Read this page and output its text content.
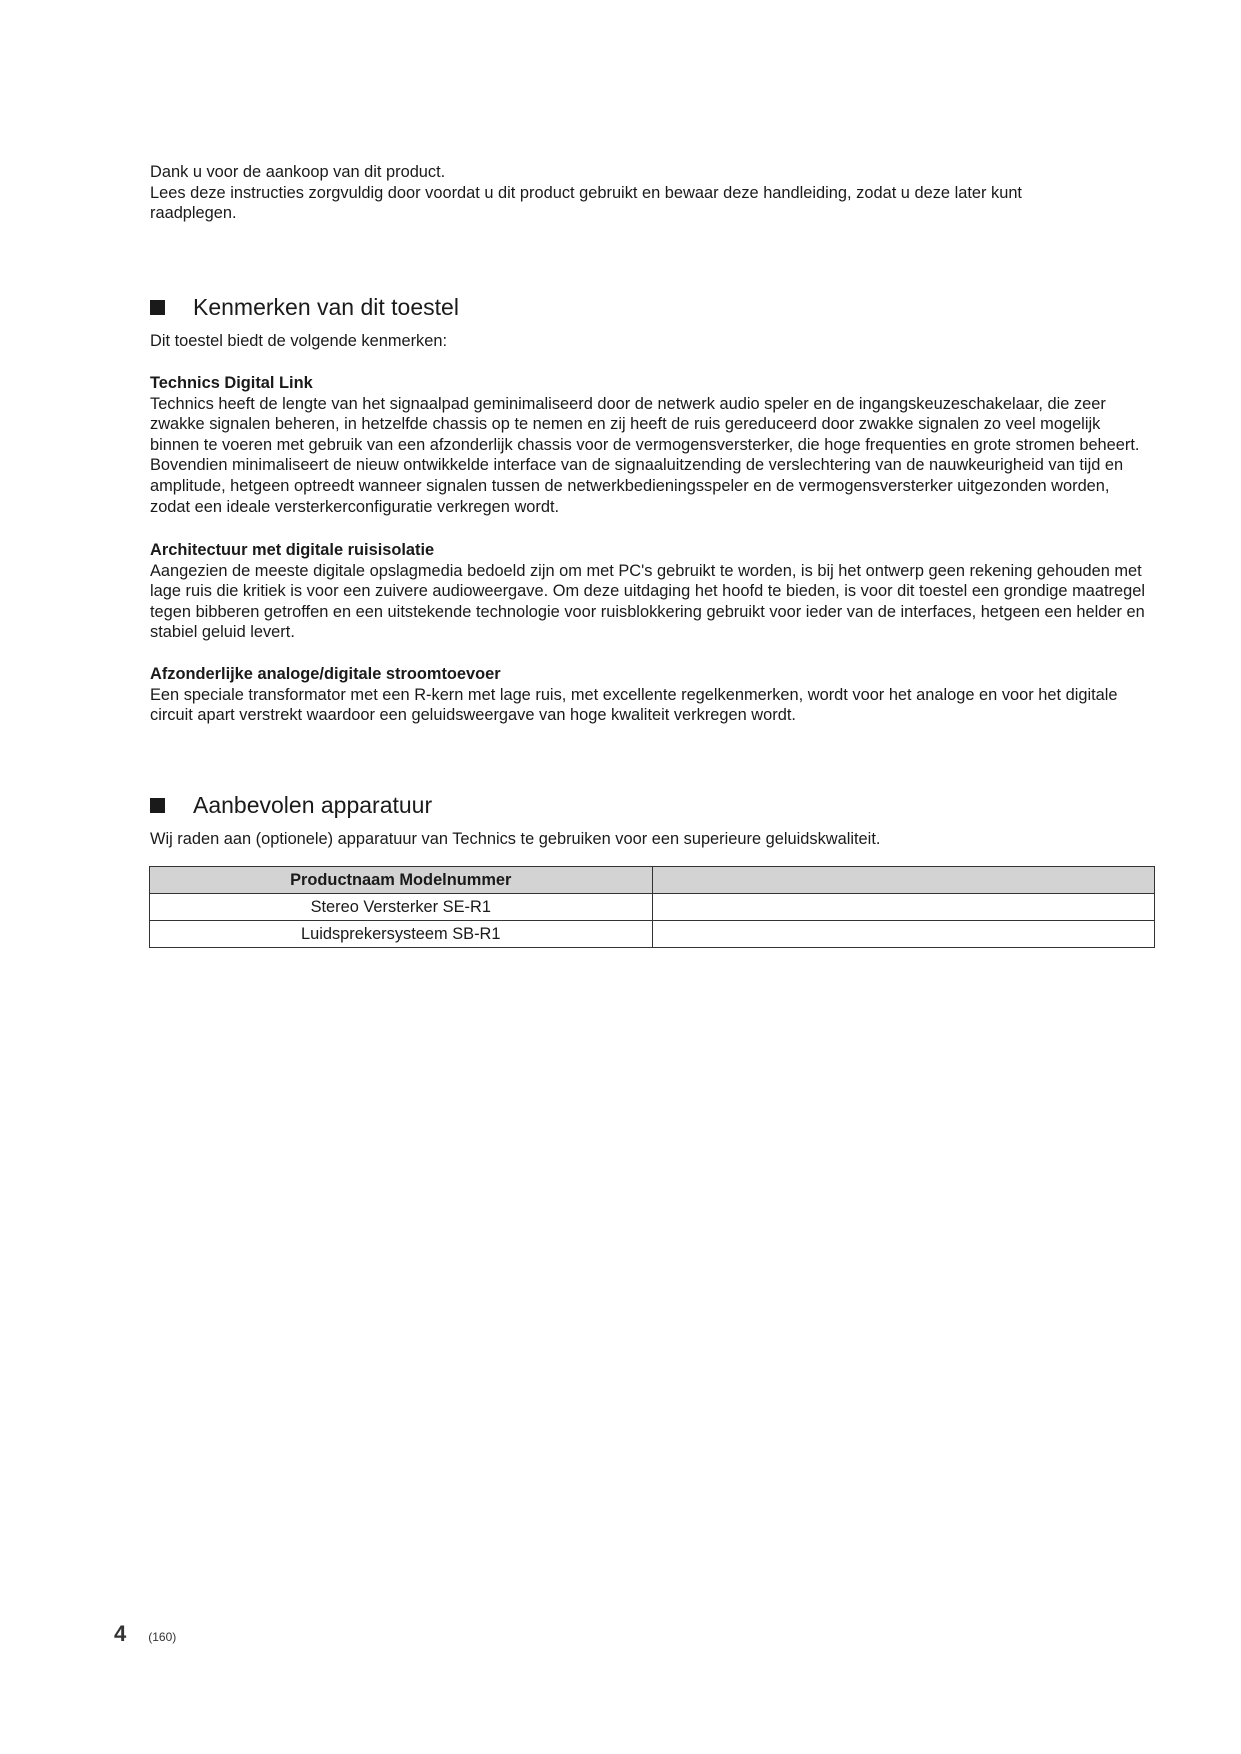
Dank u voor de aankoop van dit product.

Lees deze instructies zorgvuldig door voordat u dit product gebruikt en bewaar deze handleiding, zodat u deze later kunt raadplegen.

Kenmerken van dit toestel

Dit toestel biedt de volgende kenmerken:

Technics Digital Link

Technics heeft de lengte van het signaalpad geminimaliseerd door de netwerk audio speler en de ingangskeuzeschakelaar, die zeer zwakke signalen beheren, in hetzelfde chassis op te nemen en zij heeft de ruis gereduceerd door zwakke signalen zo veel mogelijk binnen te voeren met gebruik van een afzonderlijk chassis voor de vermogensversterker, die hoge frequenties en grote stromen beheert. Bovendien minimaliseert de nieuw ontwikkelde interface van de signaaluitzending de verslechtering van de nauwkeurigheid van tijd en amplitude, hetgeen optreedt wanneer signalen tussen de netwerkbedieningsspeler en de vermogensversterker uitgezonden worden, zodat een ideale versterkerconfiguratie verkregen wordt.

Architectuur met digitale ruisisolatie

Aangezien de meeste digitale opslagmedia bedoeld zijn om met PC's gebruikt te worden, is bij het ontwerp geen rekening gehouden met lage ruis die kritiek is voor een zuivere audioweergave. Om deze uitdaging het hoofd te bieden, is voor dit toestel een grondige maatregel tegen bibberen getroffen en een uitstekende technologie voor ruisblokkering gebruikt voor ieder van de interfaces, hetgeen een helder en stabiel geluid levert.

Afzonderlijke analoge/digitale stroomtoevoer

Een speciale transformator met een R-kern met lage ruis, met excellente regelkenmerken, wordt voor het analoge en voor het digitale circuit apart verstrekt waardoor een geluidsweergave van hoge kwaliteit verkregen wordt.

Aanbevolen apparatuur

Wij raden aan (optionele) apparatuur van Technics te gebruiken voor een superieure geluidskwaliteit.

Productnaam Modelnummer	
Stereo Versterker SE-R1	
Luidsprekersysteem SB-R1	
4 (160)
